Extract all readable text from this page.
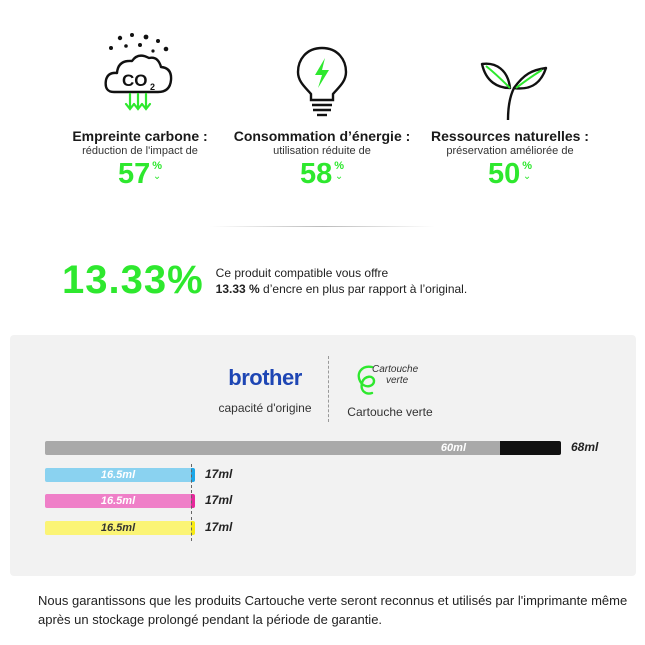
CO 2
Empreinte carbone :
réduction de l'impact de
57 %
⌄
Consommation d’énergie :
utilisation réduite de
58 %
⌄
Ressources naturelles :
préservation améliorée de
50 %
⌄
13.33% Ce produit compatible vous offre
13.33 % d’encre en plus par rapport à l’original.
brother
capacité d'origine
Cartouche
verte
Cartouche verte
60ml	68ml
16.5ml	17ml
16.5ml	17ml
16.5ml	17ml
Nous garantissons que les produits Cartouche verte seront reconnus et utilisés par l'imprimante même après un stockage prolongé pendant la période de garantie.
